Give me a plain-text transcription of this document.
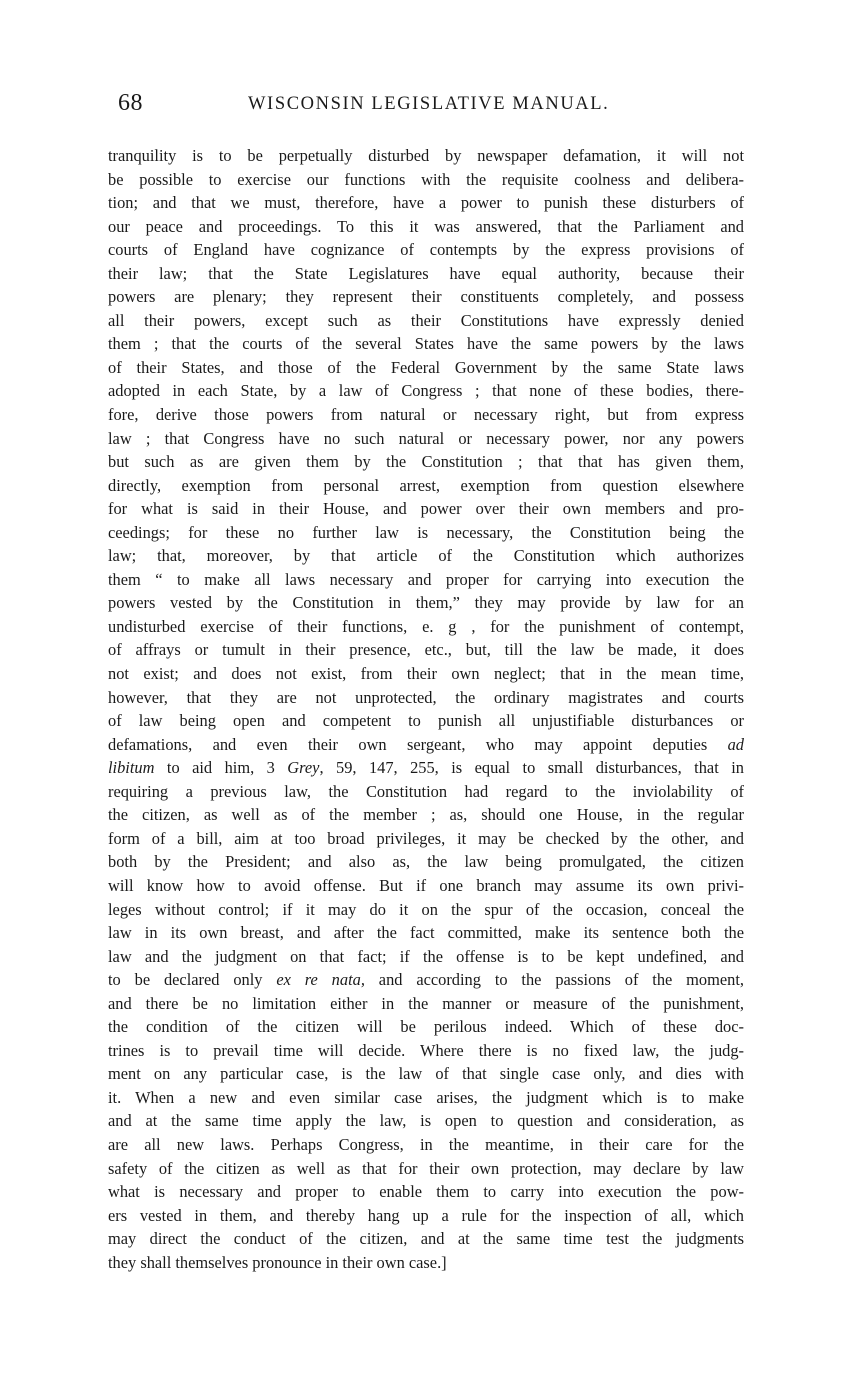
68	WISCONSIN LEGISLATIVE MANUAL.
tranquility is to be perpetually disturbed by newspaper defamation, it will not
be possible to exercise our functions with the requisite coolness and delibera-
tion; and that we must, therefore, have a power to punish these disturbers of
our peace and proceedings. To this it was answered, that the Parliament and
courts of England have cognizance of contempts by the express provisions of
their law; that the State Legislatures have equal authority, because their
powers are plenary; they represent their constituents completely, and possess
all their powers, except such as their Constitutions have expressly denied
them ; that the courts of the several States have the same powers by the laws
of their States, and those of the Federal Government by the same State laws
adopted in each State, by a law of Congress ; that none of these bodies, there-
fore, derive those powers from natural or necessary right, but from express
law ; that Congress have no such natural or necessary power, nor any powers
but such as are given them by the Constitution ; that that has given them,
directly, exemption from personal arrest, exemption from question elsewhere
for what is said in their House, and power over their own members and pro-
ceedings; for these no further law is necessary, the Constitution being the
law; that, moreover, by that article of the Constitution which authorizes
them “ to make all laws necessary and proper for carrying into execution the
powers vested by the Constitution in them,” they may provide by law for an
undisturbed exercise of their functions, e. g , for the punishment of contempt,
of affrays or tumult in their presence, etc., but, till the law be made, it does
not exist; and does not exist, from their own neglect; that in the mean time,
however, that they are not unprotected, the ordinary magistrates and courts
of law being open and competent to punish all unjustifiable disturbances or
defamations, and even their own sergeant, who may appoint deputies ad
libitum to aid him, 3 Grey, 59, 147, 255, is equal to small disturbances, that in
requiring a previous law, the Constitution had regard to the inviolability of
the citizen, as well as of the member ; as, should one House, in the regular
form of a bill, aim at too broad privileges, it may be checked by the other, and
both by the President; and also as, the law being promulgated, the citizen
will know how to avoid offense. But if one branch may assume its own privi-
leges without control; if it may do it on the spur of the occasion, conceal the
law in its own breast, and after the fact committed, make its sentence both the
law and the judgment on that fact; if the offense is to be kept undefined, and
to be declared only ex re nata, and according to the passions of the moment,
and there be no limitation either in the manner or measure of the punishment,
the condition of the citizen will be perilous indeed. Which of these doc-
trines is to prevail time will decide. Where there is no fixed law, the judg-
ment on any particular case, is the law of that single case only, and dies with
it. When a new and even similar case arises, the judgment which is to make
and at the same time apply the law, is open to question and consideration, as
are all new laws. Perhaps Congress, in the meantime, in their care for the
safety of the citizen as well as that for their own protection, may declare by law
what is necessary and proper to enable them to carry into execution the pow-
ers vested in them, and thereby hang up a rule for the inspection of all, which
may direct the conduct of the citizen, and at the same time test the judgments
they shall themselves pronounce in their own case.]
